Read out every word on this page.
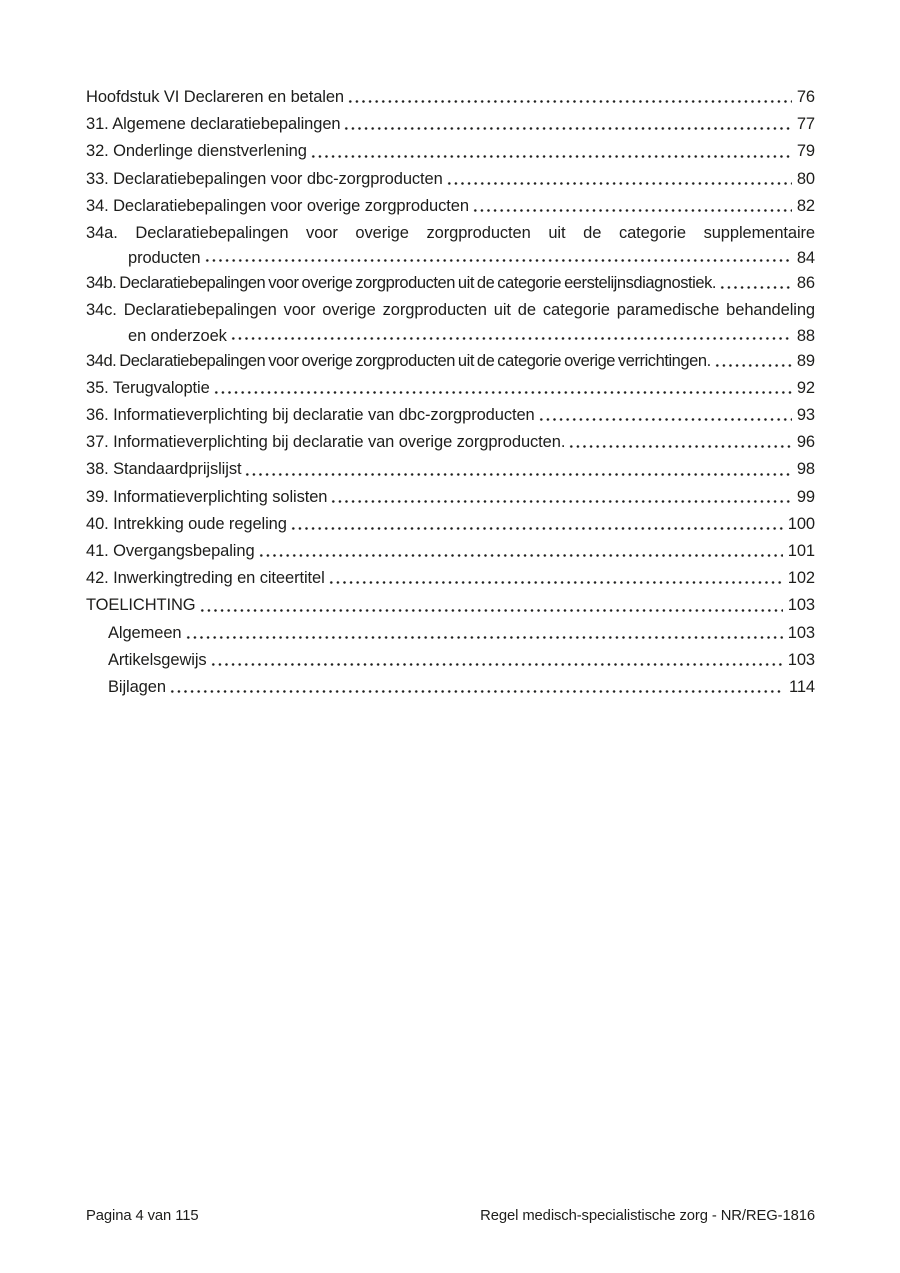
Hoofdstuk VI Declareren en betalen	76
31. Algemene declaratiebepalingen	77
32. Onderlinge dienstverlening	79
33. Declaratiebepalingen voor dbc-zorgproducten	80
34. Declaratiebepalingen voor overige zorgproducten	82
34a. Declaratiebepalingen voor overige zorgproducten uit de categorie supplementaire
producten	84
34b. Declaratiebepalingen voor overige zorgproducten uit de categorie eerstelijnsdiagnostiek.	86
34c. Declaratiebepalingen voor overige zorgproducten uit de categorie paramedische behandeling
en onderzoek	88
34d. Declaratiebepalingen voor overige zorgproducten uit de categorie overige verrichtingen.	89
35. Terugvaloptie	92
36. Informatieverplichting bij declaratie van dbc-zorgproducten	93
37. Informatieverplichting bij declaratie van overige zorgproducten.	96
38. Standaardprijslijst	98
39. Informatieverplichting solisten	99
40. Intrekking oude regeling	100
41. Overgangsbepaling	101
42. Inwerkingtreding en citeertitel	102
TOELICHTING	103
Algemeen	103
Artikelsgewijs	103
Bijlagen	114
Pagina 4 van 115	Regel medisch-specialistische zorg - NR/REG-1816
